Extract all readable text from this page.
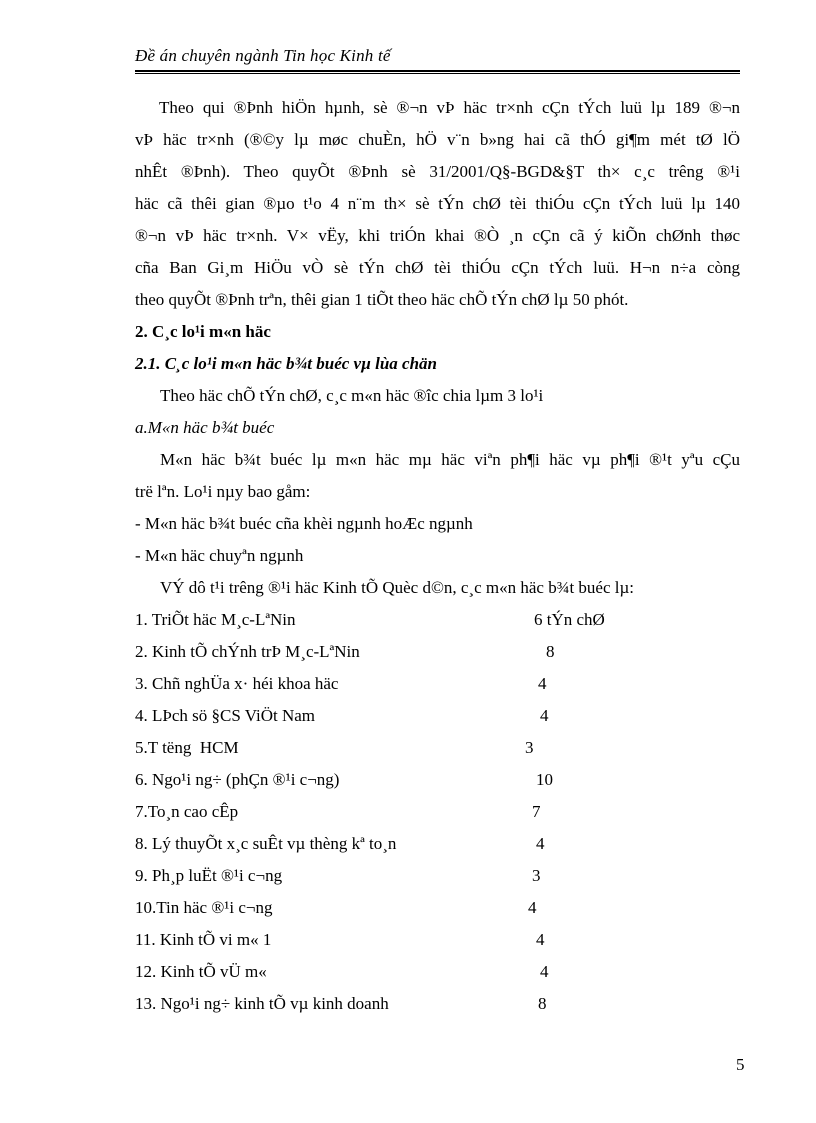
Đề án chuyên ngành Tin học Kinh tế

Theo qui ®Þnh hiÖn hµnh, sè ®¬n vÞ häc tr×nh cÇn tÝch luü lµ 189 ®¬n

vÞ häc tr×nh (®©y lµ møc chuÈn, hÖ v¨n b»ng hai cã thÓ gi¶m mét tØ lÖ

nhÊt ®Þnh). Theo quyÕt ®Þnh sè 31/2001/Q§-BGD&§T th× c¸c trêng ®¹i

häc cã thêi gian ®µo t¹o 4 n¨m th× sè tÝn chØ tèi thiÓu cÇn tÝch luü lµ 140

®¬n vÞ häc tr×nh. V× vËy, khi triÓn khai ®Ò ¸n cÇn cã ý kiÕn chØnh thøc

cña Ban Gi¸m HiÖu vÒ sè tÝn chØ tèi thiÓu cÇn tÝch luü. H¬n n÷a còng

theo quyÕt ®Þnh trªn, thêi gian 1 tiÕt theo häc chÕ tÝn chØ lµ 50 phót.

2. C¸c lo¹i m«n häc

2.1. C¸c lo¹i m«n häc b¾t buéc vµ lùa chän

Theo häc chÕ tÝn chØ, c¸c m«n häc ®îc chia lµm 3 lo¹i

a.M«n häc b¾t buéc

M«n häc b¾t buéc lµ m«n häc mµ häc viªn ph¶i häc vµ ph¶i ®¹t yªu cÇu

trë lªn. Lo¹i nµy bao gåm:

- M«n häc b¾t buéc cña khèi ngµnh hoÆc ngµnh

- M«n häc chuyªn ngµnh

VÝ dô t¹i trêng ®¹i häc Kinh tÕ Quèc d©n, c¸c m«n häc b¾t buéc lµ:

1. TriÕt häc M¸c-LªNin	6 tÝn chØ
2. Kinh tÕ chÝnh trÞ M¸c-LªNin	8
3. Chñ nghÜa x· héi khoa häc	4
4. LÞch sö §CS ViÖt Nam	4
5.T tëng  HCM	3
6. Ngo¹i ng÷ (phÇn ®¹i c¬ng)	10
7.To¸n cao cÊp	7
8. Lý thuyÕt x¸c suÊt vµ thèng kª to¸n	4
9. Ph¸p luËt ®¹i c¬ng	3
10.Tin häc ®¹i c¬ng	4
11. Kinh tÕ vi m« 1	4
12. Kinh tÕ vÜ m«	4
13. Ngo¹i ng÷ kinh tÕ vµ kinh doanh	8
5
